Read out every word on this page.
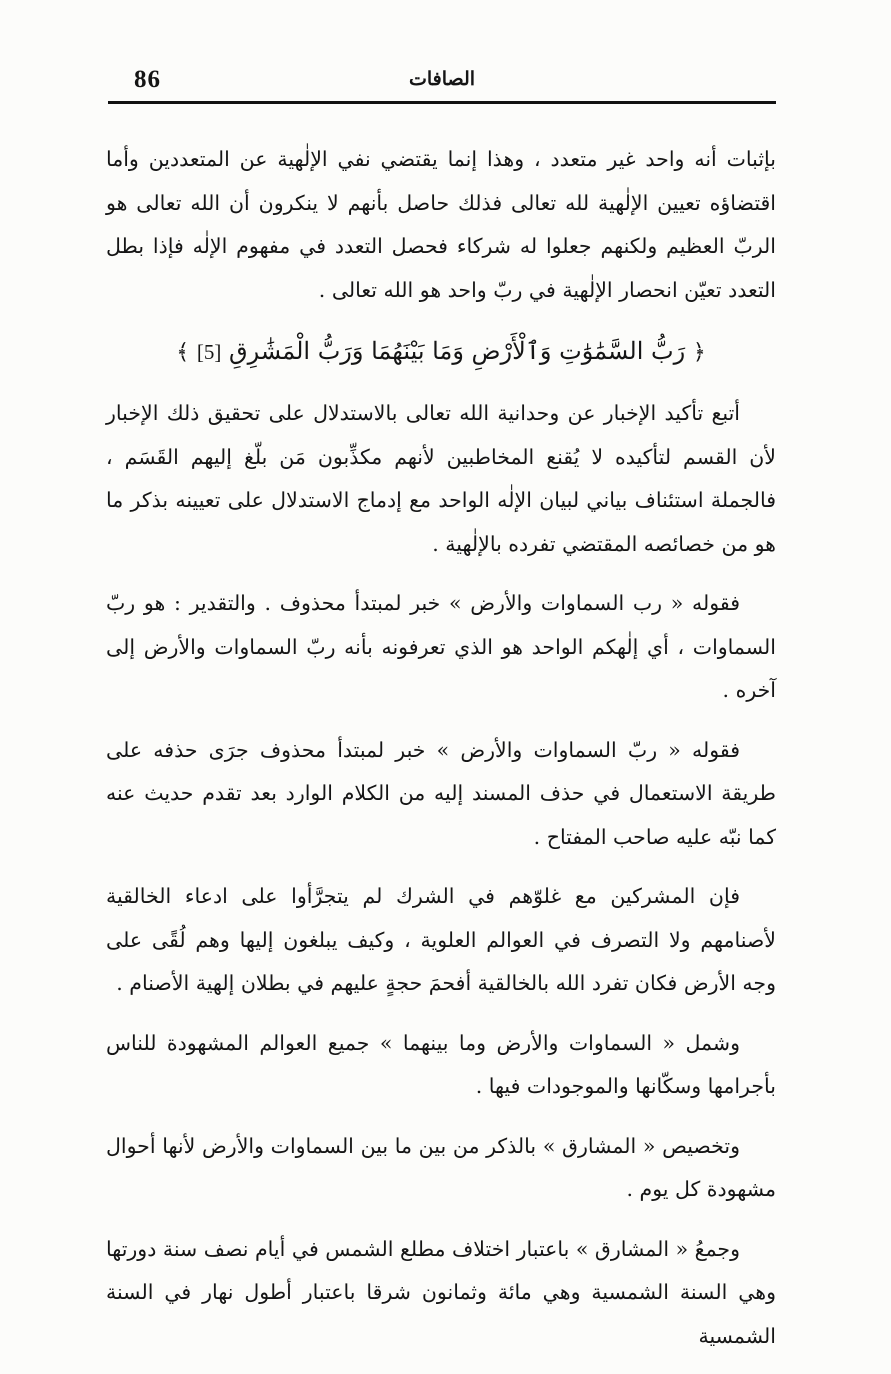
86	الصافات

بإثبات أنه واحد غير متعدد ، وهذا إنما يقتضي نفي الإلٰهية عن المتعددين وأما اقتضاؤه تعيين الإلٰهية لله تعالى فذلك حاصل بأنهم لا ينكرون أن الله تعالى هو الربّ العظيم ولكنهم جعلوا له شركاء فحصل التعدد في مفهوم الإلٰه فإذا بطل التعدد تعيّن انحصار الإلٰهية في ربّ واحد هو الله تعالى .

﴿ رَبُّ السَّمَٰوَٰتِ وَٱلْأَرْضِ وَمَا بَيْنَهُمَا وَرَبُّ الْمَشَٰرِقِ [5] ﴾

أتبع تأكيد الإخبار عن وحدانية الله تعالى بالاستدلال على تحقيق ذلك الإخبار لأن القسم لتأكيده لا يُقنع المخاطبين لأنهم مكذِّبون مَن بلّغ إليهم القَسَم ، فالجملة استئناف بياني لبيان الإلٰه الواحد مع إدماج الاستدلال على تعيينه بذكر ما هو من خصائصه المقتضي تفرده بالإلٰهية .

فقوله « رب السماوات والأرض » خبر لمبتدأ محذوف . والتقدير : هو ربّ السماوات ، أي إلٰهكم الواحد هو الذي تعرفونه بأنه ربّ السماوات والأرض إلى آخره .

فقوله « ربّ السماوات والأرض » خبر لمبتدأ محذوف جرَى حذفه على طريقة الاستعمال في حذف المسند إليه من الكلام الوارد بعد تقدم حديث عنه كما نبّه عليه صاحب المفتاح .

فإن المشركين مع غلوّهم في الشرك لم يتجرَّأوا على ادعاء الخالقية لأصنامهم ولا التصرف في العوالم العلوية ، وكيف يبلغون إليها وهم لُقًى على وجه الأرض فكان تفرد الله بالخالقية أفحمَ حجةٍ عليهم في بطلان إلهية الأصنام .

وشمل « السماوات والأرض وما بينهما » جميع العوالم المشهودة للناس بأجرامها وسكّانها والموجودات فيها .

وتخصيص « المشارق » بالذكر من بين ما بين السماوات والأرض لأنها أحوال مشهودة كل يوم .

وجمعُ « المشارق » باعتبار اختلاف مطلع الشمس في أيام نصف سنة دورتها وهي السنة الشمسية وهي مائة وثمانون شرقا باعتبار أطول نهار في السنة الشمسية
